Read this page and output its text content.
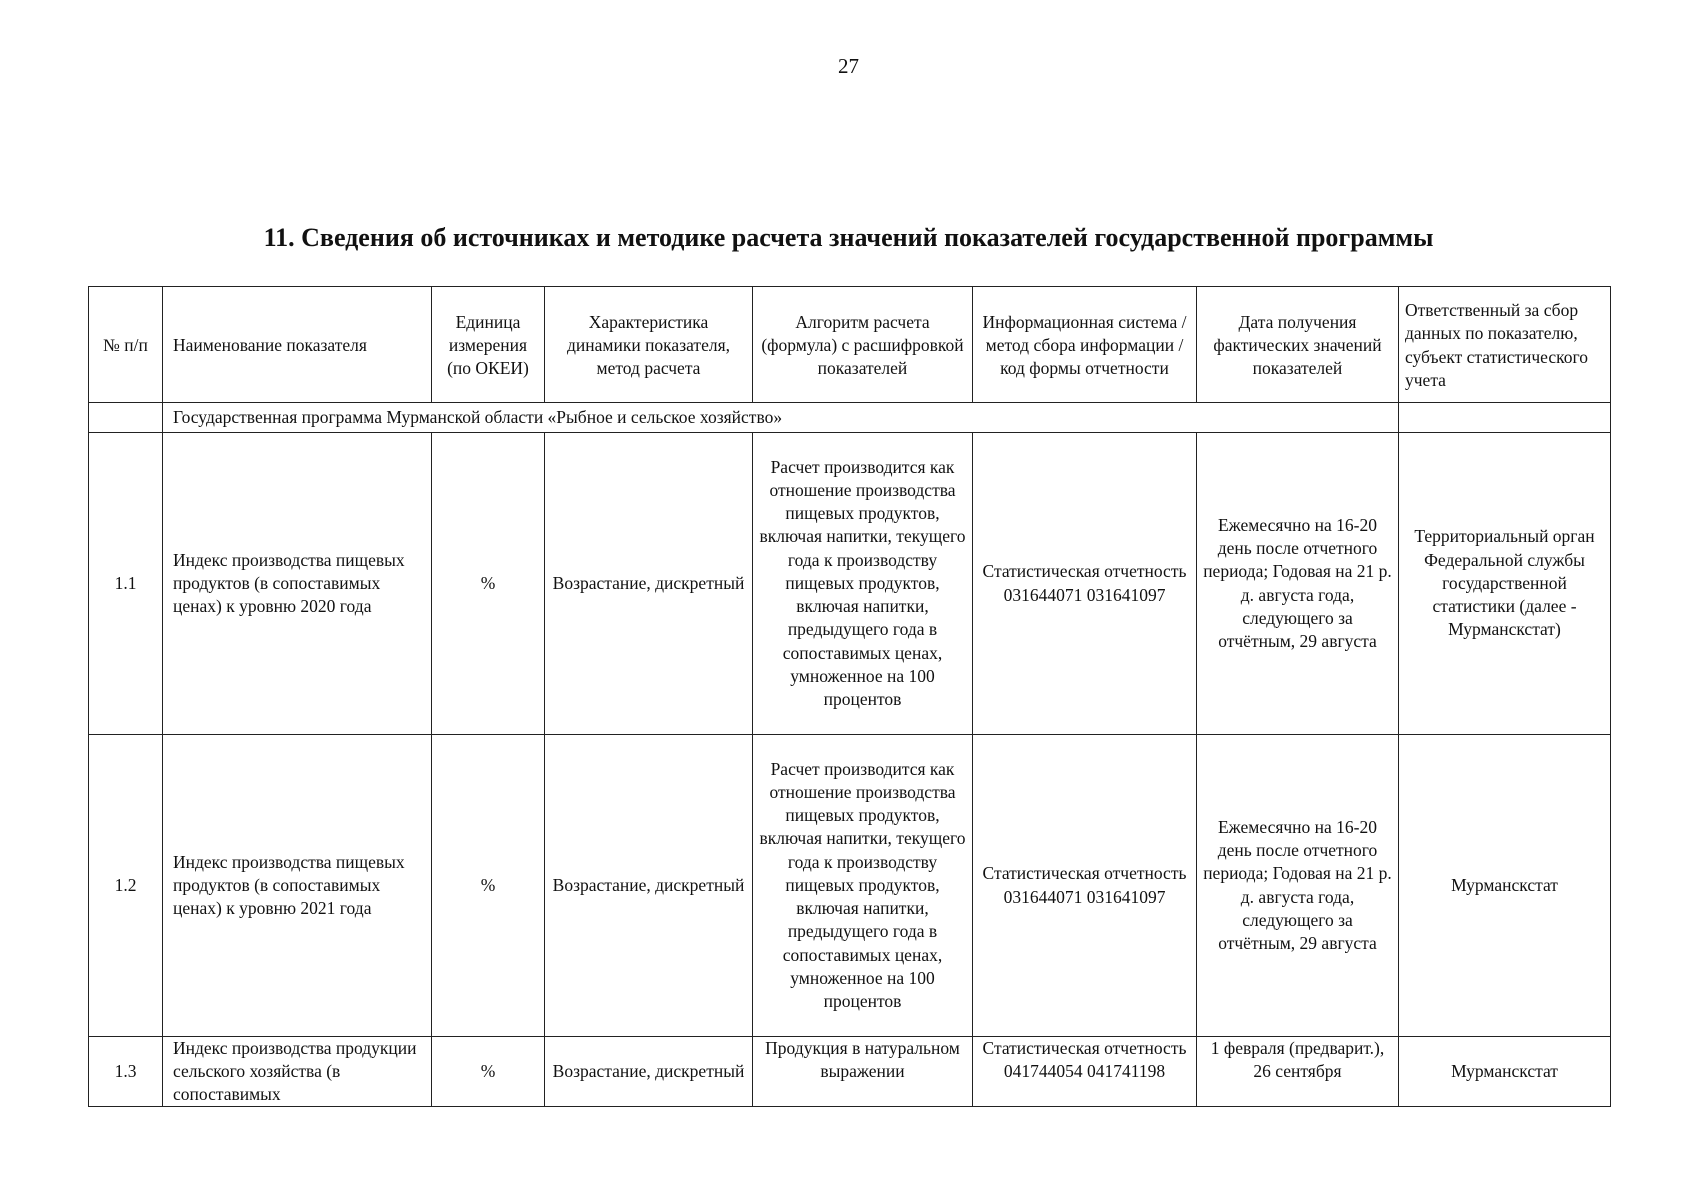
27
11. Сведения об источниках и методике расчета значений показателей государственной программы
№ п/п	Наименование показателя	Единица измерения (по ОКЕИ)	Характеристика динамики показателя, метод расчета	Алгоритм расчета (формула) с расшифровкой показателей	Информационная система / метод сбора информации / код формы отчетности	Дата получения фактических значений показателей	Ответственный за сбор данных по показателю, субъект статистического учета
	Государственная программа Мурманской области «Рыбное и сельское хозяйство»						
1.1	Индекс производства пищевых продуктов (в сопоставимых ценах) к уровню 2020 года	%	Возрастание, дискретный	Расчет производится как отношение производства пищевых продуктов, включая напитки, текущего года к производству пищевых продуктов, включая напитки, предыдущего года в сопоставимых ценах, умноженное на 100 процентов	Статистическая отчетность 031644071 031641097	Ежемесячно на 16-20 день после отчетного периода; Годовая на 21 р. д. августа года, следующего за отчётным, 29 августа	Территориальный орган Федеральной службы государственной статистики (далее - Мурманскстат)
1.2	Индекс производства пищевых продуктов (в сопоставимых ценах) к уровню 2021 года	%	Возрастание, дискретный	Расчет производится как отношение производства пищевых продуктов, включая напитки, текущего года к производству пищевых продуктов, включая напитки, предыдущего года в сопоставимых ценах, умноженное на 100 процентов	Статистическая отчетность 031644071 031641097	Ежемесячно на 16-20 день после отчетного периода; Годовая на 21 р. д. августа года, следующего за отчётным, 29 августа	Мурманскстат
1.3	Индекс производства продукции сельского хозяйства (в сопоставимых	%	Возрастание, дискретный	Продукция в натуральном выражении	Статистическая отчетность 041744054 041741198	1 февраля (предварит.), 26 сентября	Мурманскстат
